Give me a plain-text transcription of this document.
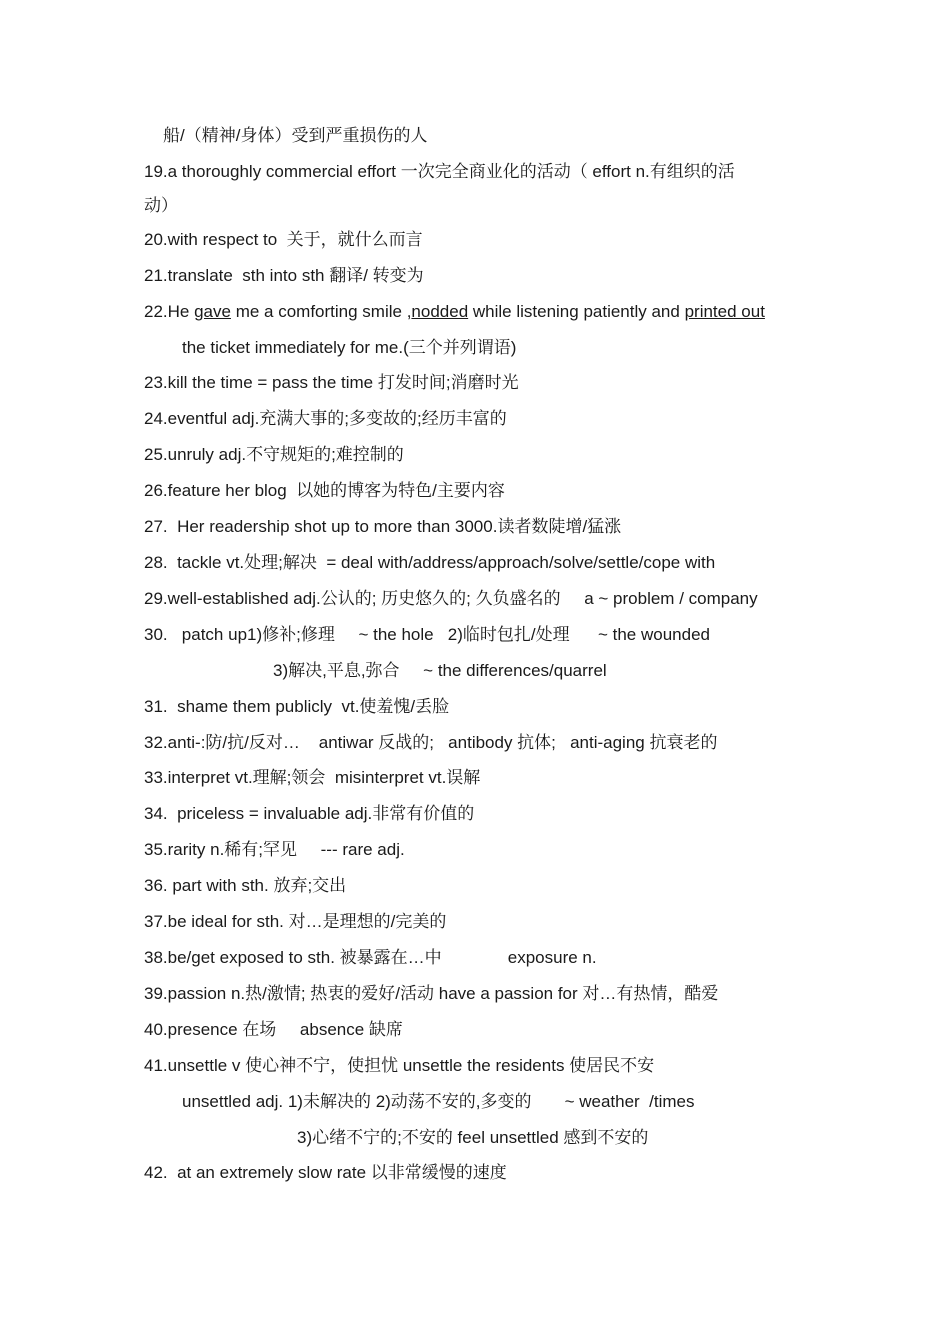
船/（精神/身体）受到严重损伤的人
19.a thoroughly commercial effort 一次完全商业化的活动（ effort n.有组织的活
动）
20.with respect to  关于，就什么而言
21.translate  sth into sth 翻译/ 转变为
22.He gave me a comforting smile ,nodded while listening patiently and printed out
the ticket immediately for me.(三个并列谓语)
23.kill the time = pass the time 打发时间;消磨时光
24.eventful adj.充满大事的;多变故的;经历丰富的
25.unruly adj.不守规矩的;难控制的
26.feature her blog  以她的博客为特色/主要内容
27.  Her readership shot up to more than 3000.读者数陡增/猛涨
28.  tackle vt.处理;解决  = deal with/address/approach/solve/settle/cope with
29.well-established adj.公认的; 历史悠久的; 久负盛名的     a ~ problem / company
30.   patch up1)修补;修理     ~ the hole   2)临时包扎/处理      ~ the wounded
3)解决,平息,弥合     ~ the differences/quarrel
31.  shame them publicly  vt.使羞愧/丢脸
32.anti-:防/抗/反对…    antiwar 反战的;   antibody 抗体;   anti-aging 抗衰老的
33.interpret vt.理解;领会  misinterpret vt.误解
34.  priceless = invaluable adj.非常有价值的
35.rarity n.稀有;罕见     --- rare adj.
36. part with sth. 放弃;交出
37.be ideal for sth. 对…是理想的/完美的
38.be/get exposed to sth. 被暴露在…中              exposure n.
39.passion n.热/激情; 热衷的爱好/活动 have a passion for 对…有热情，酷爱
40.presence 在场     absence 缺席
41.unsettle v 使心神不宁，使担忧 unsettle the residents 使居民不安
unsettled adj. 1)未解决的 2)动荡不安的,多变的       ~ weather  /times
3)心绪不宁的;不安的 feel unsettled 感到不安的
42.  at an extremely slow rate 以非常缓慢的速度
